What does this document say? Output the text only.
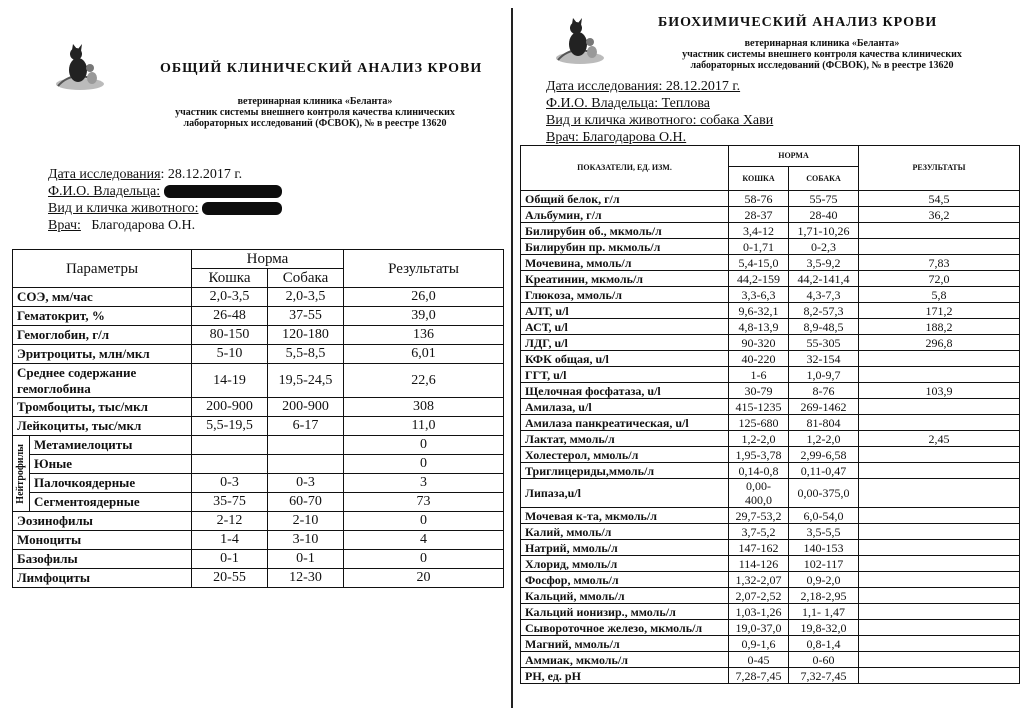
ОБЩИЙ КЛИНИЧЕСКИЙ АНАЛИЗ КРОВИ
ветеринарная клиника «Беланта»
участник системы внешнего контроля качества клинических
лабораторных исследований (ФСВОК), № в реестре 13620
Дата исследования: 28.12.2017 г.
Ф.И.О. Владельца:
Вид и кличка животного:
Врач: Благодарова О.Н.
Параметры		Норма		Результаты
		Кошка	Собака	
СОЭ, мм/час		2,0-3,5	2,0-3,5	26,0
Гематокрит, %		26-48	37-55	39,0
Гемоглобин, г/л		80-150	120-180	136
Эритроциты, млн/мкл		5-10	5,5-8,5	6,01
Среднее содержание гемоглобина		14-19	19,5-24,5	22,6
Тромбоциты, тыс/мкл		200-900	200-900	308
Лейкоциты, тыс/мкл		5,5-19,5	6-17	11,0

Нейтрофилы	Метамиелоциты			0
	Юные			0
	Палочкоядерные	0-3	0-3	3
	Сегментоядерные	35-75	60-70	73
Эозинофилы		2-12	2-10	0
Моноциты		1-4	3-10	4
Базофилы		0-1	0-1	0
Лимфоциты		20-55	12-30	20
БИОХИМИЧЕСКИЙ АНАЛИЗ КРОВИ
ветеринарная клиника «Беланта»
участник системы внешнего контроля качества клинических
лабораторных исследований (ФСВОК), № в реестре 13620
Дата исследования: 28.12.2017 г.
Ф.И.О. Владельца: Теплова
Вид и кличка животного: собака Хави
Врач: Благодарова О.Н.
ПОКАЗАТЕЛИ, ЕД. ИЗМ.	НОРМА		РЕЗУЛЬТАТЫ
	КОШКА	СОБАКА	
Общий белок, г/л	58-76	55-75	54,5
Альбумин, г/л	28-37	28-40	36,2
Билирубин об., мкмоль/л	3,4-12	1,71-10,26	
Билирубин пр. мкмоль/л	0-1,71	0-2,3	
Мочевина, ммоль/л	5,4-15,0	3,5-9,2	7,83
Креатинин, мкмоль/л	44,2-159	44,2-141,4	72,0
Глюкоза, ммоль/л	3,3-6,3	4,3-7,3	5,8
АЛТ, u/l	9,6-32,1	8,2-57,3	171,2
АСТ, u/l	4,8-13,9	8,9-48,5	188,2
ЛДГ, u/l	90-320	55-305	296,8
КФК общая, u/l	40-220	32-154	
ГГТ, u/l	1-6	1,0-9,7	
Щелочная фосфатаза, u/l	30-79	8-76	103,9
Амилаза, u/l	415-1235	269-1462	
Амилаза панкреатическая, u/l	125-680	81-804	
Лактат, ммоль/л	1,2-2,0	1,2-2,0	2,45
Холестерол, ммоль/л	1,95-3,78	2,99-6,58	
Триглицериды,ммоль/л	0,14-0,8	0,11-0,47	
Липаза,u/l	0,00-400,0	0,00-375,0	
Мочевая к-та, мкмоль/л	29,7-53,2	6,0-54,0	
Калий, ммоль/л	3,7-5,2	3,5-5,5	
Натрий, ммоль/л	147-162	140-153	
Хлорид, ммоль/л	114-126	102-117	
Фосфор, ммоль/л	1,32-2,07	0,9-2,0	
Кальций, ммоль/л	2,07-2,52	2,18-2,95	
Кальций ионизир., ммоль/л	1,03-1,26	1,1- 1,47	
Сывороточное железо, мкмоль/л	19,0-37,0	19,8-32,0	
Магний, ммоль/л	0,9-1,6	0,8-1,4	
Аммиак, мкмоль/л	0-45	0-60	
PH, ед. pH	7,28-7,45	7,32-7,45	
